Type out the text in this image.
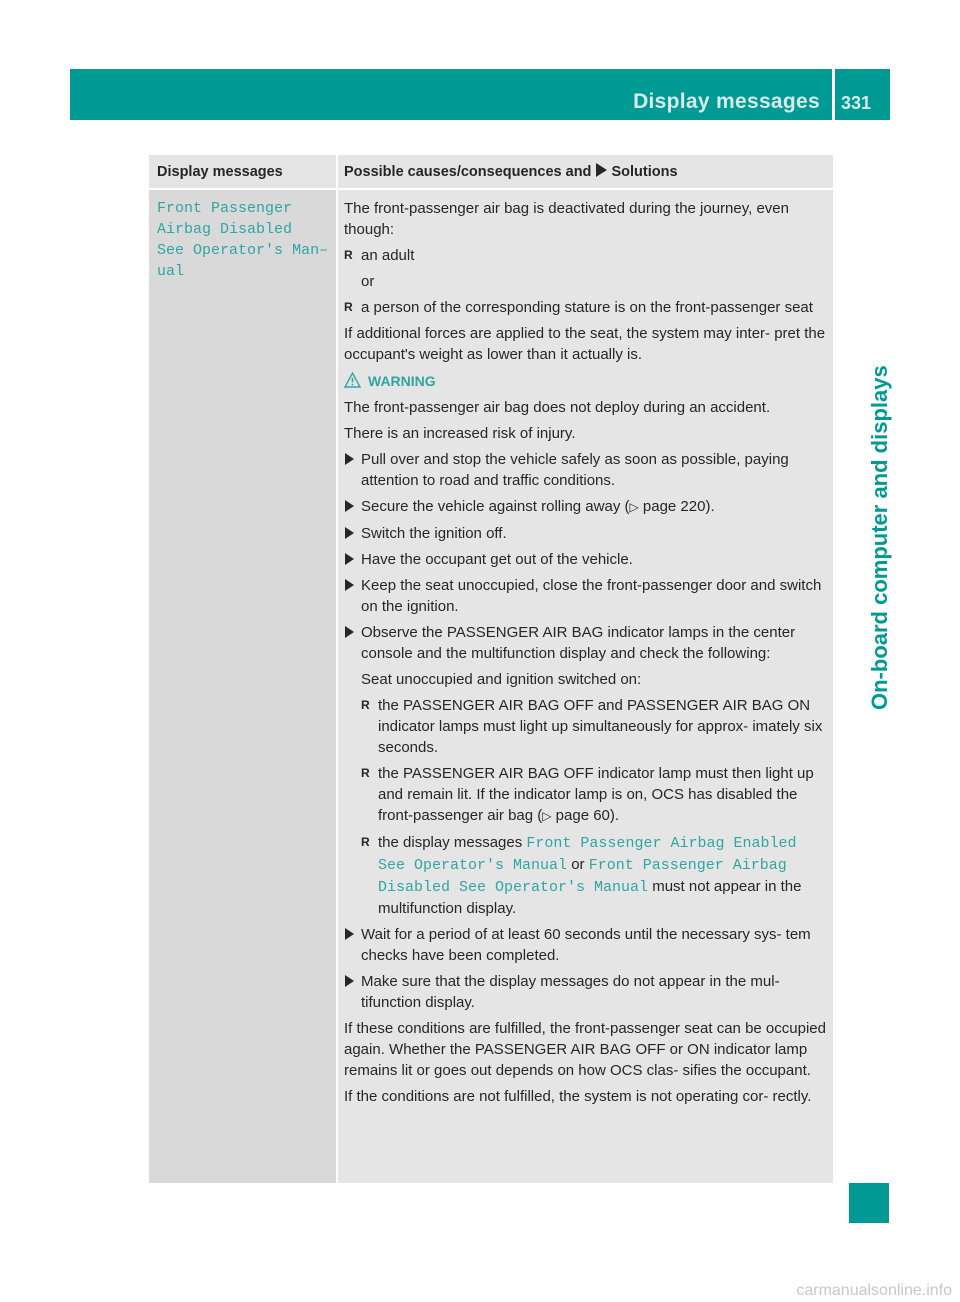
Display messages 331
On-board computer and displays
Display messages	Possible causes/consequences and Solutions
Front Passenger
Airbag Disabled
See Operator's Man–
ual

The front-passenger air bag is deactivated during the journey, even though:

R an adult

or

R a person of the corresponding stature is on the front-passenger seat

If additional forces are applied to the seat, the system may inter- pret the occupant's weight as lower than it actually is.

WARNING

The front-passenger air bag does not deploy during an accident.

There is an increased risk of injury.

Pull over and stop the vehicle safely as soon as possible, paying attention to road and traffic conditions.
Secure the vehicle against rolling away (▷ page 220).
Switch the ignition off.
Have the occupant get out of the vehicle.
Keep the seat unoccupied, close the front-passenger door and switch on the ignition.
Observe the PASSENGER AIR BAG indicator lamps in the center console and the multifunction display and check the following:

Seat unoccupied and ignition switched on:

R the PASSENGER AIR BAG OFF and PASSENGER AIR BAG ON indicator lamps must light up simultaneously for approx- imately six seconds.
R the PASSENGER AIR BAG OFF indicator lamp must then light up and remain lit. If the indicator lamp is on, OCS has disabled the front-passenger air bag (▷ page 60).
R the display messages Front Passenger Airbag Enabled
See Operator's Manual or Front Passenger Airbag
Disabled See Operator's Manual must not appear in the multifunction display.
Wait for a period of at least 60 seconds until the necessary sys- tem checks have been completed.
Make sure that the display messages do not appear in the mul- tifunction display.

If these conditions are fulfilled, the front-passenger seat can be occupied again. Whether the PASSENGER AIR BAG OFF or ON indicator lamp remains lit or goes out depends on how OCS clas- sifies the occupant.

If the conditions are not fulfilled, the system is not operating cor- rectly.

carmanualsonline.info
